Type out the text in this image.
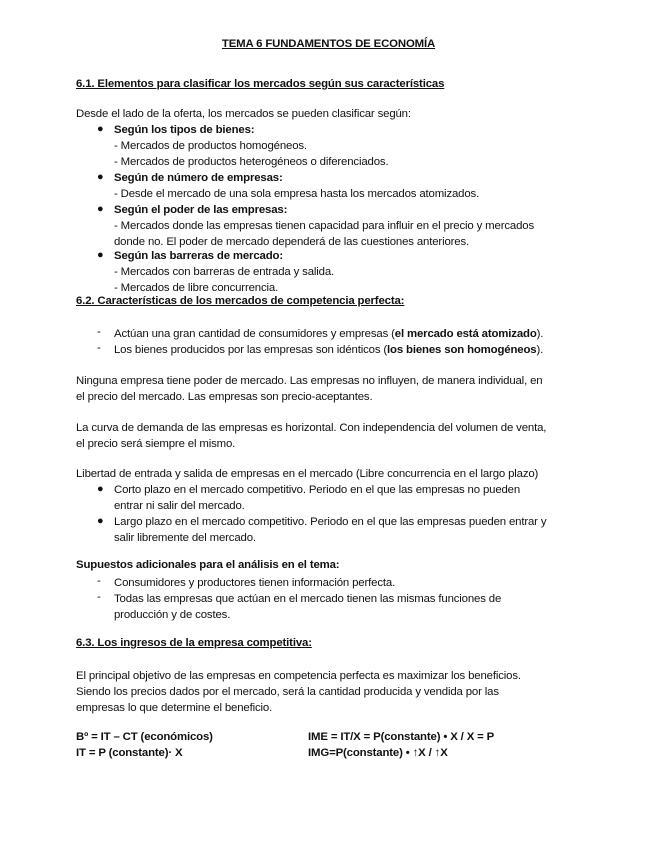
TEMA 6 FUNDAMENTOS DE ECONOMÍA
6.1. Elementos para clasificar los mercados según sus características
Desde el lado de la oferta, los mercados se pueden clasificar según:
● Según los tipos de bienes:
- Mercados de productos homogéneos.
- Mercados de productos heterogéneos o diferenciados.
● Según de número de empresas:
- Desde el mercado de una sola empresa hasta los mercados atomizados.
● Según el poder de las empresas:
- Mercados donde las empresas tienen capacidad para influir en el precio y mercados
donde no. El poder de mercado dependerá de las cuestiones anteriores.
● Según las barreras de mercado:
- Mercados con barreras de entrada y salida.
- Mercados de libre concurrencia.
6.2. Características de los mercados de competencia perfecta:
- Actúan una gran cantidad de consumidores y empresas (el mercado está atomizado).
- Los bienes producidos por las empresas son idénticos (los bienes son homogéneos).
Ninguna empresa tiene poder de mercado. Las empresas no influyen, de manera individual, en
el precio del mercado. Las empresas son precio-aceptantes.
La curva de demanda de las empresas es horizontal. Con independencia del volumen de venta,
el precio será siempre el mismo.
Libertad de entrada y salida de empresas en el mercado (Libre concurrencia en el largo plazo)
● Corto plazo en el mercado competitivo. Periodo en el que las empresas no pueden
entrar ni salir del mercado.
● Largo plazo en el mercado competitivo. Periodo en el que las empresas pueden entrar y
salir libremente del mercado.
Supuestos adicionales para el análisis en el tema:
- Consumidores y productores tienen información perfecta.
- Todas las empresas que actúan en el mercado tienen las mismas funciones de
producción y de costes.
6.3. Los ingresos de la empresa competitiva:
El principal objetivo de las empresas en competencia perfecta es maximizar los beneficios.
Siendo los precios dados por el mercado, será la cantidad producida y vendida por las
empresas lo que determine el beneficio.
Bº = IT – CT (económicos)
IT = P (constante)· X
IME = IT/X = P(constante) • X / X = P
IMG=P(constante) • ↑X / ↑X
